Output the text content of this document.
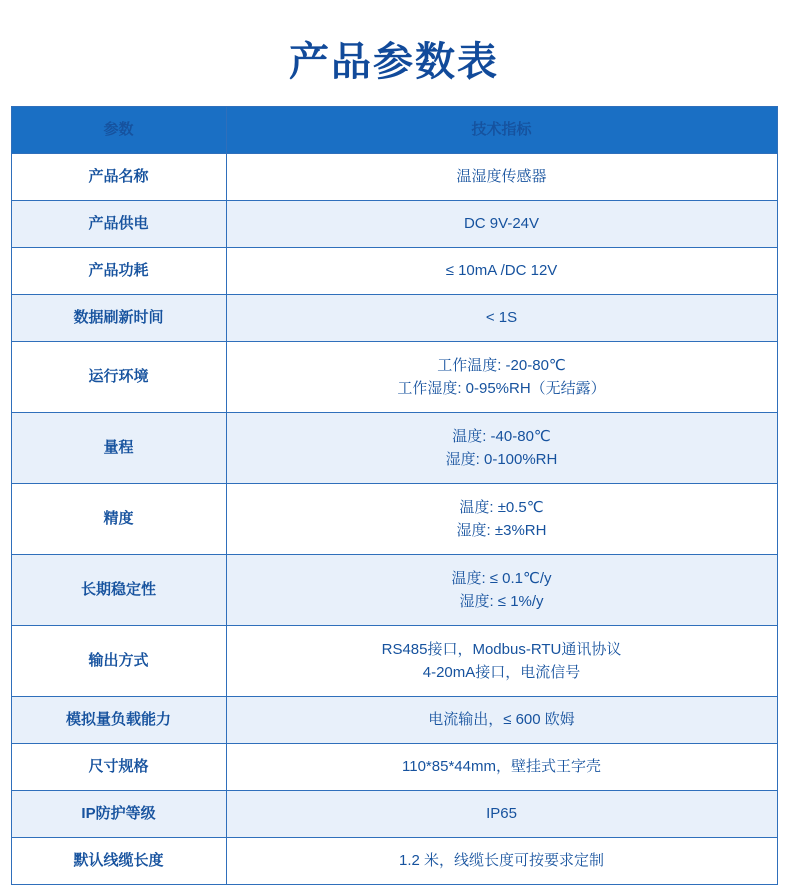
产品参数表
参数	技术指标
产品名称	温湿度传感器

产品供电	DC 9V-24V

产品功耗	≤ 10mA /DC 12V

数据刷新时间	< 1S

运行环境	工作温度: -20-80℃
工作湿度: 0-95%RH（无结露）

量程	温度: -40-80℃
湿度: 0-100%RH

精度	温度: ±0.5℃
湿度: ±3%RH

长期稳定性	温度: ≤ 0.1℃/y
湿度: ≤ 1%/y

输出方式	RS485接口，Modbus-RTU通讯协议
4-20mA接口，电流信号

模拟量负载能力	电流输出，≤ 600 欧姆

尺寸规格	110*85*44mm，壁挂式王字壳

IP防护等级	IP65

默认线缆长度	1.2 米，线缆长度可按要求定制
